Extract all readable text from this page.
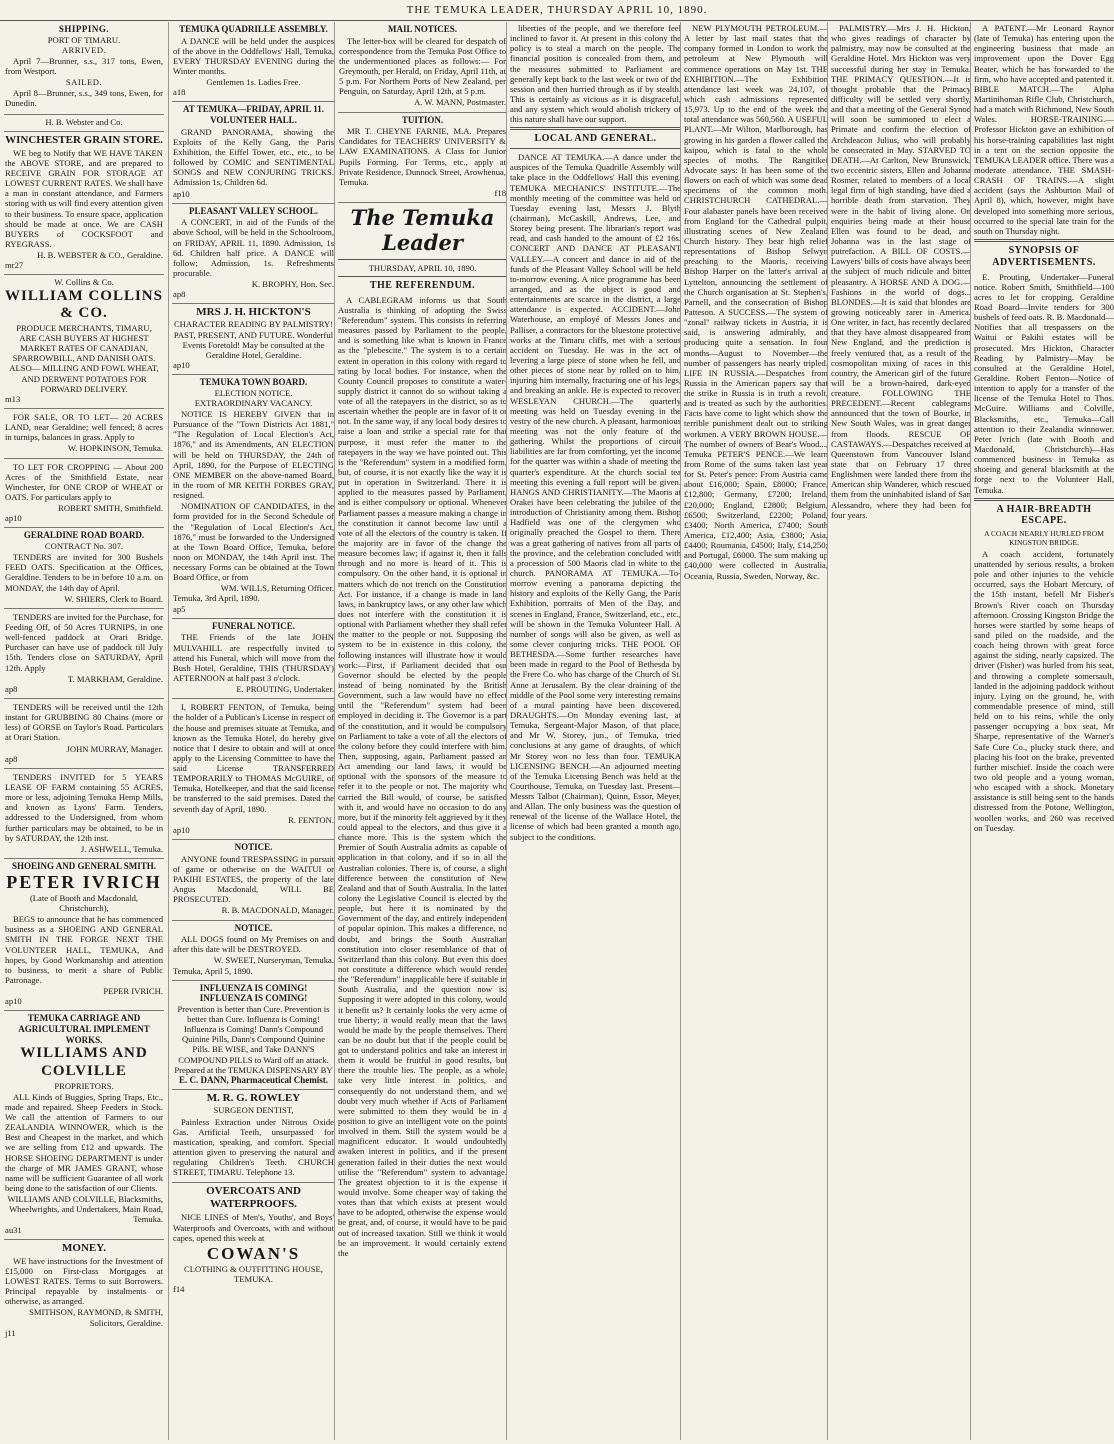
THE TEMUKA LEADER, THURSDAY APRIL 10, 1890.
SHIPPING.
PORT OF TIMARU.
ARRIVED.

April 7—Brunner, s.s., 317 tons, Ewen, from Westport.

SAILED.

April 8—Brunner, s.s., 349 tons, Ewen, for Dunedin.

H. B. Webster and Co.
WINCHESTER GRAIN STORE.

WE beg to Notify that WE HAVE TAKEN the ABOVE STORE, and are prepared to RECEIVE GRAIN FOR STORAGE AT LOWEST CURRENT RATES. We shall have a man in constant attendance, and Farmers storing with us will find every attention given to their business. To ensure space, application should be made at once. We are CASH BUYERS of COCKSFOOT and RYEGRASS.

H. B. WEBSTER & CO., Geraldine.
mr27
W. Collins & Co.
WILLIAM COLLINS & CO.
PRODUCE MERCHANTS, TIMARU,
ARE CASH BUYERS AT HIGHEST MARKET RATES OF CANADIAN, SPARROWBILL, AND DANISH OATS. ALSO— MILLING AND FOWL WHEAT, AND DERWENT POTATOES FOR FORWARD DELIVERY.
m13

FOR SALE, OR TO LET— 20 ACRES LAND, near Geraldine; well fenced; 8 acres in turnips, balances in grass. Apply to

W. HOPKINSON, Temuka.

TO LET FOR CROPPING — About 200 Acres of the Smithfield Estate, near Winchester, for ONE CROP of WHEAT or OATS. For particulars apply to

ROBERT SMITH, Smithfield.
ap10
GERALDINE ROAD BOARD.
CONTRACT No. 307.

TENDERS are invited for 300 Bushels FEED OATS. Specification at the Offices, Geraldine. Tenders to be in before 10 a.m. on MONDAY, the 14th day of April.

W. SHIERS, Clerk to Board.

TENDERS are invited for the Purchase, for Feeding Off, of 50 Acres TURNIPS, in one well-fenced paddock at Orari Bridge. Purchaser can have use of paddock till July 15th. Tenders close on SATURDAY, April 12th. Apply

T. MARKHAM, Geraldine.
ap8

TENDERS will be received until the 12th instant for GRUBBING 80 Chains (more or less) of GORSE on Taylor's Road. Particulars at Orari Station.

JOHN MURRAY, Manager.
ap8

TENDERS INVITED for 5 YEARS LEASE OF FARM containing 55 ACRES, more or less, adjoining Temuka Hemp Mills, and known as Lyons' Farm. Tenders, addressed to the Undersigned, from whom further particulars may be obtained, to be in by SATURDAY, the 12th inst.

J. ASHWELL, Temuka.
SHOEING AND GENERAL SMITH.
PETER IVRICH
(Late of Booth and Macdonald, Christchurch),

BEGS to announce that he has commenced business as a SHOEING AND GENERAL SMITH IN THE FORGE NEXT THE VOLUNTEER HALL, TEMUKA, And hopes, by Good Workmanship and attention to business, to merit a share of Public Patronage.

PEPER IVRICH.
ap10
TEMUKA CARRIAGE AND AGRICULTURAL IMPLEMENT WORKS.
WILLIAMS AND COLVILLE
PROPRIETORS.

ALL Kinds of Buggies, Spring Traps, Etc., made and repaired. Sheep Feeders in Stock. We call the attention of Farmers to our ZEALANDIA WINNOWER, which is the Best and Cheapest in the market, and which we are selling from £12 and upwards. The HORSE SHOEING DEPARTMENT is under the charge of MR JAMES GRANT, whose name will be sufficient Guarantee of all work being done to the satisfaction of our Clients.

WILLIAMS AND COLVILLE, Blacksmiths, Wheelwrights, and Undertakers, Main Road, Temuka.
au31
MONEY.

WE have instructions for the Investment of £15,000 on First-class Mortgages at LOWEST RATES. Terms to suit Borrowers. Principal repayable by instalments or otherwise, as arranged.

SMITHSON, RAYMOND, & SMITH, Solicitors, Geraldine.
j11
TEMUKA QUADRILLE ASSEMBLY.

A DANCE will be held under the auspices of the above in the Oddfellows' Hall, Temuka, EVERY THURSDAY EVENING during the Winter months.

Gentlemen 1s. Ladies Free.
a18
AT TEMUKA—FRIDAY, APRIL 11. VOLUNTEER HALL.

GRAND PANORAMA, showing the Exploits of the Kelly Gang, the Paris Exhibition, the Eiffel Tower, etc., etc., to be followed by COMIC and SENTIMENTAL SONGS and NEW CONJURING TRICKS. Admission 1s, Children 6d.

ap10
PLEASANT VALLEY SCHOOL.

A CONCERT, in aid of the Funds of the above School, will be held in the Schoolroom, on FRIDAY, APRIL 11, 1890. Admission, 1s 6d. Children half price. A DANCE will follow; Admission, 1s. Refreshments procurable.

K. BROPHY, Hon. Sec.
ap8
MRS J. H. HICKTON'S
CHARACTER READING BY PALMISTRY! PAST, PRESENT, AND FUTURE. Wonderful Events Foretold! May be consulted at the Geraldine Hotel, Geraldine.
ap10
TEMUKA TOWN BOARD.
ELECTION NOTICE.
EXTRAORDINARY VACANCY.

NOTICE IS HEREBY GIVEN that in Pursuance of the "Town Districts Act 1881," "The Regulation of Local Election's Act, 1876," and its Amendments, AN ELECTION will be held on THURSDAY, the 24th of April, 1890, for the Purpose of ELECTING ONE MEMBER on the above-named Board, in the room of MR KEITH FORBES GRAY, resigned.

NOMINATION OF CANDIDATES, in the form provided for in the Second Schedule of the "Regulation of Local Election's Act, 1876," must be forwarded to the Undersigned at the Town Board Office, Temuka, before noon on MONDAY, the 14th April inst. The necessary Forms can be obtained at the Town Board Office, or from

WM. WILLS, Returning Officer.
Temuka, 3rd April, 1890.
ap5
FUNERAL NOTICE.

THE Friends of the late JOHN MULVAHILL are respectfully invited to attend his Funeral, which will move from the Bush Hotel, Geraldine, THIS (THURSDAY) AFTERNOON at half past 3 o'clock.

E. PROUTING, Undertaker.

I, ROBERT FENTON, of Temuka, being the holder of a Publican's License in respect of the house and premises situate at Temuka, and known as the Temuka Hotel, do hereby give notice that I desire to obtain and will at once apply to the Licensing Committee to have the said License TRANSFERRED TEMPORARILY to THOMAS McGUIRE, of Temuka, Hotelkeeper, and that the said license be transferred to the said premises. Dated the seventh day of April, 1890.

R. FENTON.
ap10
NOTICE.

ANYONE found TRESPASSING in pursuit of game or otherwise on the WAITUI or PAKIHI ESTATES, the property of the late Angus Macdonald, WILL BE PROSECUTED.

R. B. MACDONALD, Manager.
NOTICE.

ALL DOGS found on My Premises on and after this date will be DESTROYED.

W. SWEET, Nurseryman, Temuka.
Temuka, April 5, 1890.
INFLUENZA IS COMING! INFLUENZA IS COMING!
Prevention is better than Cure. Prevention is better than Cure. Influenza is Coming! Influenza is Coming! Dann's Compound Quinine Pills, Dann's Compound Quinine Pills. BE WISE, and Take DANN'S COMPOUND PILLS to Ward off an attack. Prepared at the TEMUKA DISPENSARY BY
E. C. DANN, Pharmaceutical Chemist.
M. R. G. ROWLEY
SURGEON DENTIST,

Painless Extraction under Nitrous Oxide Gas. Artificial Teeth, unsurpassed for mastication, speaking, and comfort. Special attention given to preserving the natural and regulating Children's Teeth. CHURCH STREET, TIMARU. Telephone 13.

OVERCOATS AND WATERPROOFS.

NICE LINES of Men's, Youths', and Boys' Waterproofs and Overcoats, with and without capes, opened this week at

COWAN'S
CLOTHING & OUTFITTING HOUSE, TEMUKA.
f14
MAIL NOTICES.

The letter-box will be cleared for despatch of correspondence from the Temuka Post Office to the undermentioned places as follows:— For Greymouth, per Herald, on Friday, April 11th, at 5 p.m. For Northern Ports of New Zealand, per Penguin, on Saturday, April 12th, at 5 p.m.

A. W. MANN, Postmaster.
TUITION.

MR T. CHEYNE FARNIE, M.A. Prepares Candidates for TEACHERS' UNIVERSITY & LAW EXAMINATIONS. A Class for Junior Pupils Forming. For Terms, etc., apply at Private Residence, Dunnock Street, Arowhenua, Temuka.

f18
The Temuka Leader
THURSDAY, APRIL 10, 1890.
THE REFERENDUM.

A CABLEGRAM informs us that South Australia is thinking of adopting the Swiss "Referendum" system. This consists in referring measures passed by Parliament to the people, and is something like what is known in France as the "plebescite." The system is to a certain extent in operation in this colony with regard to rating by local bodies. For instance, when the County Council proposes to constitute a water-supply district it cannot do so without taking a vote of all the ratepayers in the district, so as to ascertain whether the people are in favor of it or not. In the same way, if any local body desires to raise a loan and strike a special rate for that purpose, it must refer the matter to the ratepayers in the way we have pointed out. This is the "Referendum" system in a modified form, but, of course, it is not exactly like the way it is put in operation in Switzerland. There it is applied to the measures passed by Parliament, and is either compulsory or optional. Whenever Parliament passes a measure making a change in the constitution it cannot become law until a vote of all the electors of the country is taken. If the majority are in favor of the change the measure becomes law; if against it, then it falls through and no more is heard of it. This is compulsory. On the other hand, it is optional in matters which do not trench on the Constitution Act. For instance, if a change is made in land laws, in bankruptcy laws, or any other law which does not interfere with the constitution it is optional with Parliament whether they shall refer the matter to the people or not. Supposing the system to be in existence in this colony, the following instances will illustrate how it would work:—First, if Parliament decided that our Governor should be elected by the people instead of being nominated by the British Government, such a law would have no effect until the "Referendum" system had been employed in deciding it. The Governor is a part of the constitution, and it would be compulsory on Parliament to take a vote of all the electors of the colony before they could interfere with him. Then, supposing, again, Parliament passed an Act amending our land laws, it would be optional with the sponsors of the measure to refer it to the people or not. The majority who carried the Bill would, of course, be satisfied with it, and would have no occasion to do any more, but if the minority felt aggrieved by it they could appeal to the electors, and thus give it a chance more. This is the system which the Premier of South Australia admits as capable of application in that colony, and if so in all the Australian colonies. There is, of course, a slight difference between the constitution of New Zealand and that of South Australia. In the latter colony the Legislative Council is elected by the people, but here it is nominated by the Government of the day, and entirely independent of popular opinion. This makes a difference, no doubt, and brings the South Australian constitution into closer resemblance of that of Switzerland than this colony. But even this does not constitute a difference which would render the "Referendum" inapplicable here if suitable in South Australia, and the question now is: Supposing it were adopted in this colony, would it benefit us? It certainly looks the very acme of true liberty; it would really mean that the laws would be made by the people themselves. There can be no doubt but that if the people could be got to understand politics and take an interest in them it would be fruitful in good results, but there the trouble lies. The people, as a whole, take very little interest in politics, and consequently do not understand them, and we doubt very much whether if Acts of Parliament were submitted to them they would be in a position to give an intelligent vote on the points involved in them. Still the system would be a magnificent educator. It would undoubtedly awaken interest in politics, and if the present generation failed in their duties the next would utilise the "Referendum" system to advantage. The greatest objection to it is the expense it would involve. Some cheaper way of taking the votes than that which exists at present would have to be adopted, otherwise the expense would be great, and, of course, it would have to be paid out of increased taxation. Still we think it would be an improvement. It would certainly extend the

liberties of the people, and we therefore feel inclined to favor it. At present in this colony the policy is to steal a march on the people. The financial position is concealed from them, and the measures submitted to Parliament are generally kept back to the last week or two of the session and then hurried through as if by stealth. This is certainly as vicious as it is disgraceful, and any system which would abolish trickery of this nature shall have our support.

LOCAL AND GENERAL.

DANCE AT TEMUKA.—A dance under the auspices of the Temuka Quadrille Assembly will take place in the Oddfellows' Hall this evening. TEMUKA MECHANICS' INSTITUTE.—The monthly meeting of the committee was held on Tuesday evening last, Messrs J. Blyth (chairman), McCaskill, Andrews, Lee, and Storey being present. The librarian's report was read, and cash handed to the amount of £2 16s. CONCERT AND DANCE AT PLEASANT VALLEY.—A concert and dance in aid of the funds of the Pleasant Valley School will be held to-morrow evening. A nice programme has been arranged, and as the object is good and entertainments are scarce in the district, a large attendance is expected. ACCIDENT.—John Waterhouse, an employé of Messrs Jones and Palliser, a contractors for the bluestone protective works at the Timaru cliffs, met with a serious accident on Tuesday. He was in the act of levering a large piece of stone when he fell, and other pieces of stone near by rolled on to him, injuring him internally, fracturing one of his legs, and breaking an ankle. He is expected to recover. WESLEYAN CHURCH.—The quarterly meeting was held on Tuesday evening in the vestry of the new church. A pleasant, harmonious meeting was not the only feature of the gathering. Whilst the proportions of circuit liabilities are far from comforting, yet the income for the quarter was within a shade of meeting the quarter's expenditure. At the church social tea meeting this evening a full report will be given. HANGS AND CHRISTIANITY.—The Maoris at Orakei have been celebrating the jubilee of the introduction of Christianity among them. Bishop Hadfield was one of the clergymen who originally preached the Gospel to them. There was a great gathering of natives from all parts of the province, and the celebration concluded with a procession of 500 Maoris clad in white to the church. PANORAMA AT TEMUKA.—To-morrow evening a panorama depicting the history and exploits of the Kelly Gang, the Paris Exhibition, portraits of Men of the Day, and scenes in England, France, Switzerland, etc., etc., will be shown in the Temuka Volunteer Hall. A number of songs will also be given, as well as some clever conjuring tricks. THE POOL OF BETHESDA.—Some further researches have been made in regard to the Pool of Bethesda by the Frere Co. who has charge of the Church of St. Anne at Jerusalem. By the clear draining of the middle of the Pool some very interesting remains of a mural painting have been discovered. DRAUGHTS.—On Monday evening last, at Temuka, Sergeant-Major Mason, of that place, and Mr W. Storey, jun., of Temuka, tried conclusions at any game of draughts, of which Mr Storey won no less than four. TEMUKA LICENSING BENCH.—An adjourned meeting of the Temuka Licensing Bench was held at the Courthouse, Temuka, on Tuesday last. Present—Messrs Talbot (Chairman), Quinn, Essor, Meyer, and Allan. The only business was the question of renewal of the license of the Wallace Hotel, the license of which had been granted a month ago, subject to the conditions.

NEW PLYMOUTH PETROLEUM.—A letter by last mail states that the company formed in London to work the petroleum at New Plymouth will commence operations on May 1st. THE EXHIBITION.—The Exhibition attendance last week was 24,107, of which cash admissions represented 15,973. Up to the end of the week the total attendance was 560,560. A USEFUL PLANT.—Mr Wilton, Marlborough, has growing in his garden a flower called the kaipou, which is fatal to the whole species of moths. The Rangitikei Advocate says: It has been some of the flowers on each of which was some dead specimens of the common moth. CHRISTCHURCH CATHEDRAL.—Four alabaster panels have been received from England for the Cathedral pulpit, illustrating scenes of New Zealand Church history. They bear high relief representations of Bishop Selwyn preaching to the Maoris, receiving Bishop Harper on the latter's arrival at Lyttelton, announcing the settlement of the Church organisation at St. Stephen's, Parnell, and the consecration of Bishop Patteson. A SUCCESS.—The system of "zonal" railway tickets in Austria, it is said, is answering admirably, and producing quite a sensation. In four months—August to November—the number of passengers has nearly tripled. LIFE IN RUSSIA.—Despatches from Russia in the American papers say that the strike in Russia is in truth a revolt, and is treated as such by the authorities. Facts have come to light which show the terrible punishment dealt out to striking workmen. A VERY BROWN HOUSE.—The number of owners of Bear's Wood..., Temuka PETER'S PENCE.—We learn from Rome of the sums taken last year for St. Peter's pence: From Austria came about £16,000; Spain, £8000; France, £12,800; Germany, £7200; Ireland, £20,000; England, £2800; Belgium, £6500; Switzerland, £2200; Poland, £3400; North America, £7400; South America, £12,400; Asia, £3800; Asia, £4400; Roumania, £4500; Italy, £14,250; and Portugal, £6000. The sum making up £40,000 were collected in Australia, Oceania, Russia, Sweden, Norway, &c.

PALMISTRY.—Mrs J. H. Hickton, who gives readings of character by palmistry, may now be consulted at the Geraldine Hotel. Mrs Hickton was very successful during her stay in Temuka. THE PRIMACY QUESTION.—It is thought probable that the Primacy difficulty will be settled very shortly, and that a meeting of the General Synod will soon be summoned to elect a Primate and confirm the election of Archdeacon Julius, who will probably be consecrated in May. STARVED TO DEATH.—At Carlton, New Brunswick, two eccentric sisters, Ellen and Johanna Rosmer, related to members of a local legal firm of high standing, have died a horrible death from starvation. They were in the habit of living alone. On enquiries being made at their house Ellen was found to be dead, and Johanna was in the last stage of putrefaction. A BILL OF COSTS.—Lawyers' bills of costs have always been the subject of much ridicule and bitter pleasantry. A HORSE AND A DOG.—Fashions in the world of dogs... BLONDES.—It is said that blondes are growing noticeably rarer in America. One writer, in fact, has recently declared that they have almost disappeared from New England, and the prediction is freely ventured that, as a result of the cosmopolitan mixing of races in this country, the American girl of the future will be a brown-haired, dark-eyed creature. FOLLOWING THE PRECEDENT.—Recent cablegrams announced that the town of Bourke, in New South Wales, was in great danger from floods. RESCUE OF CASTAWAYS.—Despatches received at Queenstown from Vancouver Island state that on February 17 three Englishmen were landed there from the American ship Wanderer, which rescued them from the uninhabited island of San Alessandro, where they had been for four years.

A PATENT.—Mr Leonard Raynor (late of Temuka) has entering upon the engineering business that made an improvement upon the Dover Egg Beater, which he has forwarded to the firm, who have accepted and patented it. BIBLE MATCH.—The Alpha Martinihoman Rifle Club, Christchurch, had a match with Richmond, New South Wales. HORSE-TRAINING.—Professor Hickton gave an exhibition of his horse-training capabilities last night in a tent on the section opposite the TEMUKA LEADER office. There was a moderate attendance. THE SMASH-CRASH OF TRAINS.—A slight accident (says the Ashburton Mail of April 8), which, however, might have developed into something more serious, occurred to the special late train for the south on Thursday night.

SYNOPSIS OF ADVERTISEMENTS.

E. Prouting, Undertaker—Funeral notice. Robert Smith, Smithfield—100 acres to let for cropping. Geraldine Road Board—Invite tenders for 300 bushels of feed oats. R. B. Macdonald—Notifies that all trespassers on the Waitui or Pakihi estates will be prosecuted. Mrs Hickton, Character Reading by Palmistry—May be consulted at the Geraldine Hotel, Geraldine. Robert Fenton—Notice of intention to apply for a transfer of the license of the Temuka Hotel to Thos. McGuire. Williams and Colville, Blacksmiths, etc., Temuka—Call attention to their Zealandia winnower. Peter Ivrich (late with Booth and Macdonald, Christchurch)—Has commenced business in Temuka as shoeing and general blacksmith at the forge next to the Volunteer Hall, Temuka.

A HAIR-BREADTH ESCAPE.
A COACH NEARLY HURLED FROM KINGSTON BRIDGE.

A coach accident, fortunately unattended by serious results, a broken pole and other injuries to the vehicle occurred, says the Hobart Mercury, of the 15th instant, befell Mr Fisher's Brown's River coach on Thursday afternoon. Crossing Kingston Bridge the horses were startled by some heaps of sand piled on the roadside, and the coach being thrown with great force against the siding, nearly capsized. The driver (Fisher) was hurled from his seat, and throwing a complete somersault, landed in the adjoining paddock without injury. Lying on the ground, he, with commendable presence of mind, still held on to his reins, while the only passenger occupying a box seat, Mr Sharpe, representative of the Warner's Safe Cure Co., plucky stuck there, and placing his foot on the brake, prevented further mischief. Inside the coach were two old people and a young woman, who escaped with a shock. Monetary assistance is still being sent to the hands distressed from the Potone, Wellington, woollen works, and 260 was received on Tuesday.
